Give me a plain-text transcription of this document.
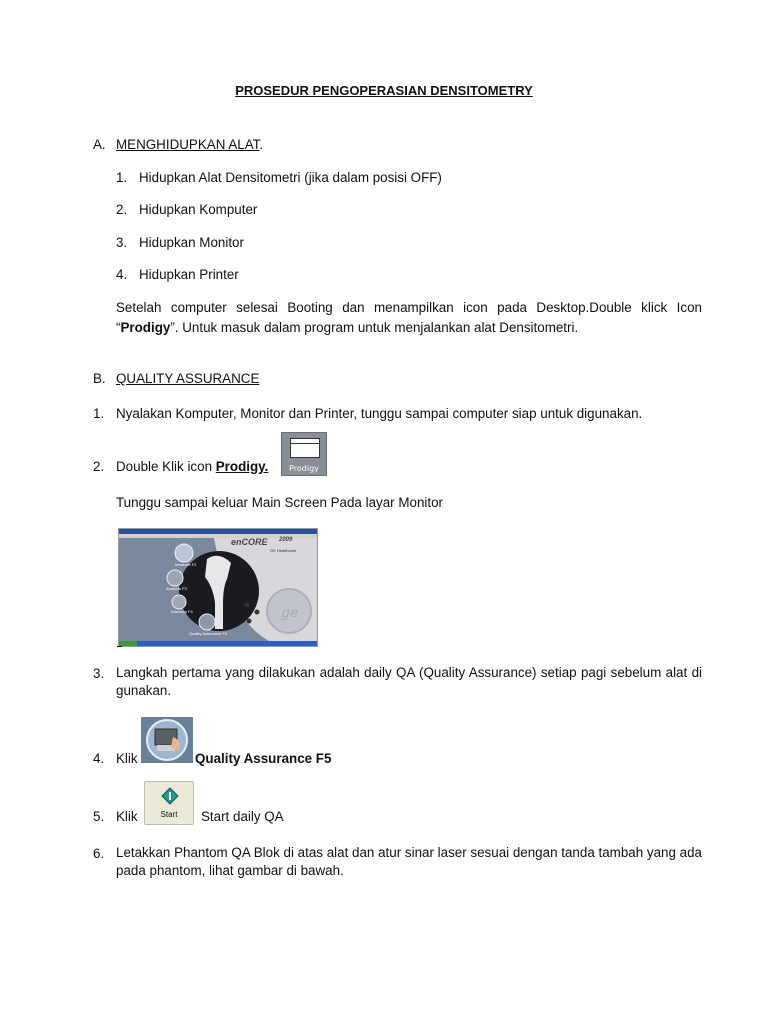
PROSEDUR PENGOPERASIAN DENSITOMETRY
A. MENGHIDUPKAN ALAT.
1. Hidupkan Alat Densitometri (jika dalam posisi OFF)
2. Hidupkan Komputer
3. Hidupkan Monitor
4. Hidupkan Printer
Setelah computer selesai Booting dan menampilkan icon pada Desktop.Double klick Icon “Prodigy”. Untuk masuk dalam program untuk menjalankan alat Densitometri.
B. QUALITY ASSURANCE
1. Nyalakan Komputer, Monitor dan Printer, tunggu sampai computer siap untuk digunakan.
2. Double Klik icon Prodigy.	Prodigy
Tunggu sampai keluar Main Screen Pada layar Monitor
ge
enCORE 2009
GE Healthcare
Measure F2
Analysis F3
Directory F4
Quality Assurance F5
3. Langkah pertama yang dilakukan adalah daily QA (Quality Assurance) setiap pagi sebelum alat di gunakan.
4. Klik	Quality Assurance F5
5. Klik	Start	Start daily QA
6. Letakkan Phantom QA Blok di atas alat dan atur sinar laser sesuai dengan tanda tambah yang ada pada phantom, lihat gambar di bawah.
